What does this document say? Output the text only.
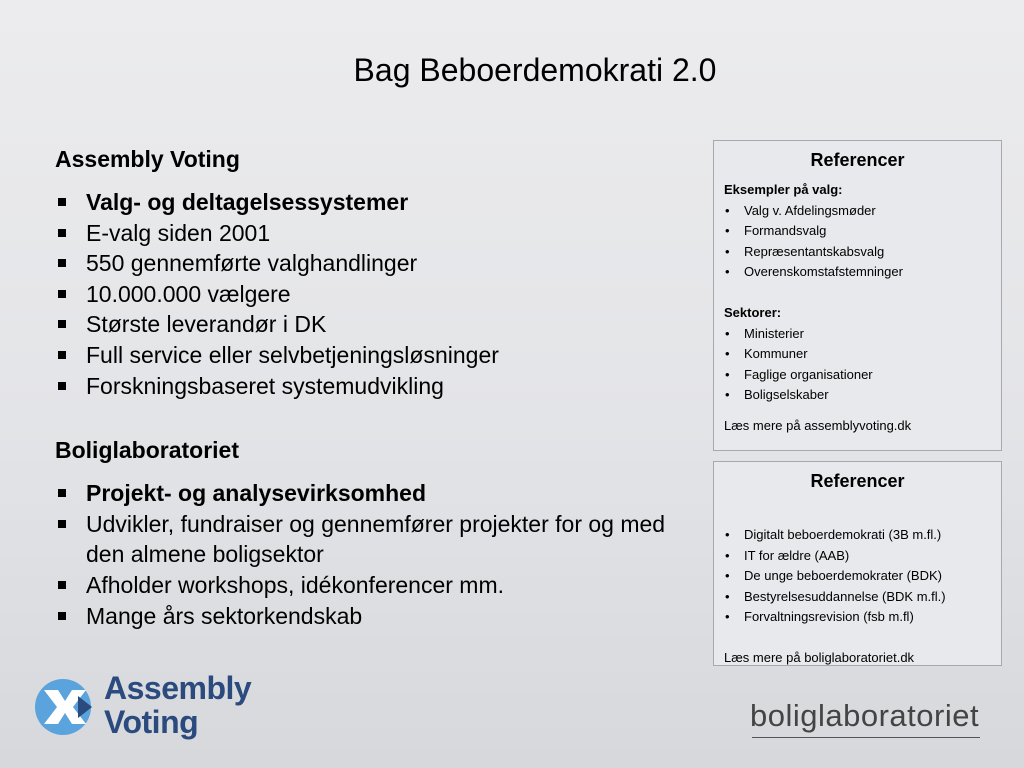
Bag Beboerdemokrati 2.0
Assembly Voting
Valg- og deltagelsessystemer
E-valg siden 2001
550 gennemførte valghandlinger
10.000.000 vælgere
Største leverandør i DK
Full service eller selvbetjeningsløsninger
Forskningsbaseret systemudvikling
Boliglaboratoriet
Projekt- og analysevirksomhed
Udvikler, fundraiser og gennemfører projekter for og med den almene boligsektor
Afholder workshops, idékonferencer mm.
Mange års sektorkendskab
Referencer
Eksempler på valg:
• Valg v. Afdelingsmøder
• Formandsvalg
• Repræsentantskabsvalg
• Overenskomstafstemninger
Sektorer:
• Ministerier
• Kommuner
• Faglige organisationer
• Boligselskaber
Læs mere på assemblyvoting.dk
Referencer
• Digitalt beboerdemokrati (3B m.fl.)
• IT for ældre (AAB)
• De unge beboerdemokrater (BDK)
• Bestyrelsesuddannelse (BDK m.fl.)
• Forvaltningsrevision (fsb m.fl)
Læs mere på boliglaboratoriet.dk
Assembly
Voting	boliglaboratoriet
